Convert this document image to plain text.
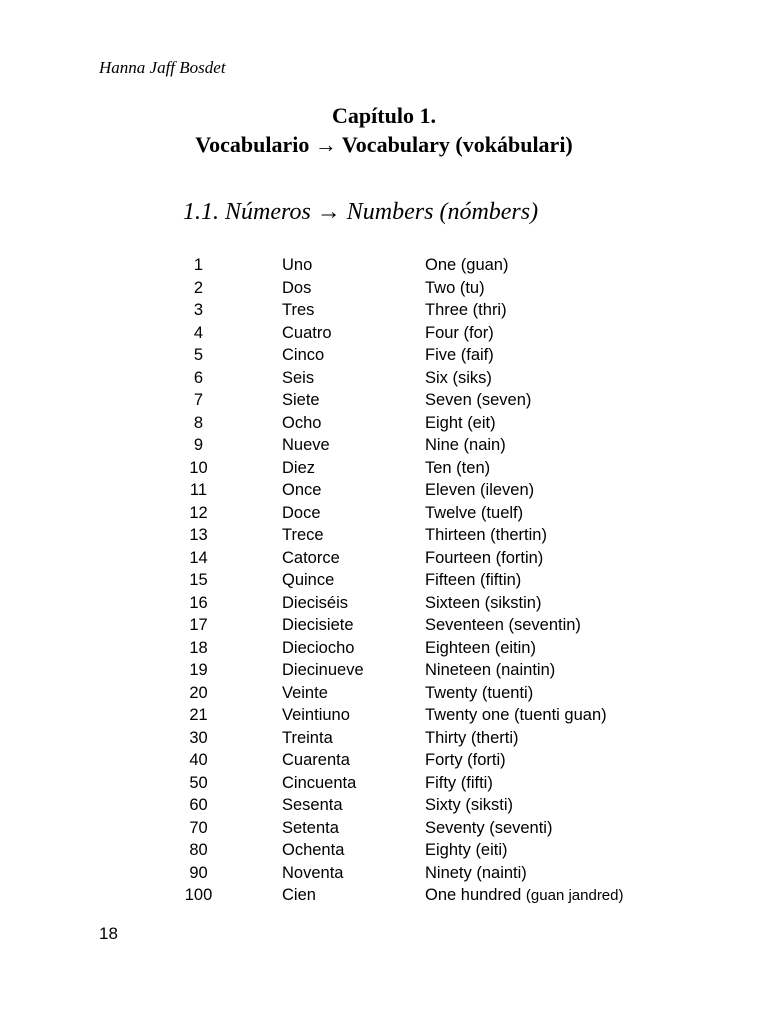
Hanna Jaff Bosdet
Capítulo 1.
Vocabulario → Vocabulary (vokábulari)
1.1. Números → Numbers (nómbers)
1	Uno	One (guan)
2	Dos	Two (tu)
3	Tres	Three (thri)
4	Cuatro	Four (for)
5	Cinco	Five (faif)
6	Seis	Six (siks)
7	Siete	Seven (seven)
8	Ocho	Eight (eit)
9	Nueve	Nine (nain)
10	Diez	Ten (ten)
11	Once	Eleven (ileven)
12	Doce	Twelve (tuelf)
13	Trece	Thirteen (thertin)
14	Catorce	Fourteen (fortin)
15	Quince	Fifteen (fiftin)
16	Dieciséis	Sixteen (sikstin)
17	Diecisiete	Seventeen (seventin)
18	Dieciocho	Eighteen (eitin)
19	Diecinueve	Nineteen (naintin)
20	Veinte	Twenty (tuenti)
21	Veintiuno	Twenty one (tuenti guan)
30	Treinta	Thirty (therti)
40	Cuarenta	Forty (forti)
50	Cincuenta	Fifty (fifti)
60	Sesenta	Sixty (siksti)
70	Setenta	Seventy (seventi)
80	Ochenta	Eighty (eiti)
90	Noventa	Ninety (nainti)
100	Cien	One hundred (guan jandred)
18
